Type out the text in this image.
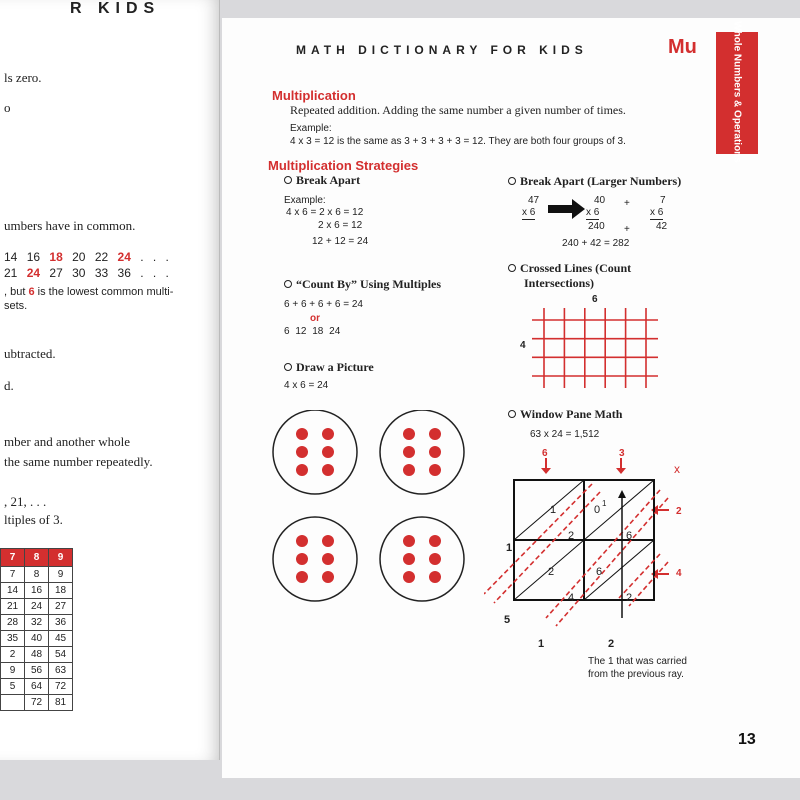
R KIDS
ls zero.
o
umbers have in common.
14 16 18 20 22 24 . . .
21 24 27 30 33 36 . . .
, but 6 is the lowest common multi-
sets.
ubtracted.
d.
mber and another whole
the same number repeatedly.
, 21, . . .
ltiples of 3.
7	8	9
7	8	9
14	16	18
21	24	27
28	32	36
35	40	45
2	48	54
9	56	63
5	64	72
	72	81
MATH DICTIONARY FOR KIDS	Mu	Whole Numbers & Operations
Multiplication
Repeated addition. Adding the same number a given number of times.
Example:
4 x 3 = 12 is the same as 3 + 3 + 3 + 3 = 12. They are both four groups of 3.
Multiplication Strategies
Break Apart
Example:
4 x 6 = 2 x 6 = 12
2 x 6 = 12
12 + 12 = 24
“Count By” Using Multiples
6 + 6 + 6 + 6 = 24
or
6 12 18 24
Draw a Picture
4 x 6 = 24
Break Apart (Larger Numbers)
47
x 6
40
x 6
240
+
+
7
x 6
42
240 + 42 = 282
Crossed Lines (Count
Intersections)
6
4
Window Pane Math
63 x 24 = 1,512
6	3
x
2
4
1
2
0
1
6
2
4
6
2
1
5
1	2
The 1 that was carried
from the previous ray.
13
